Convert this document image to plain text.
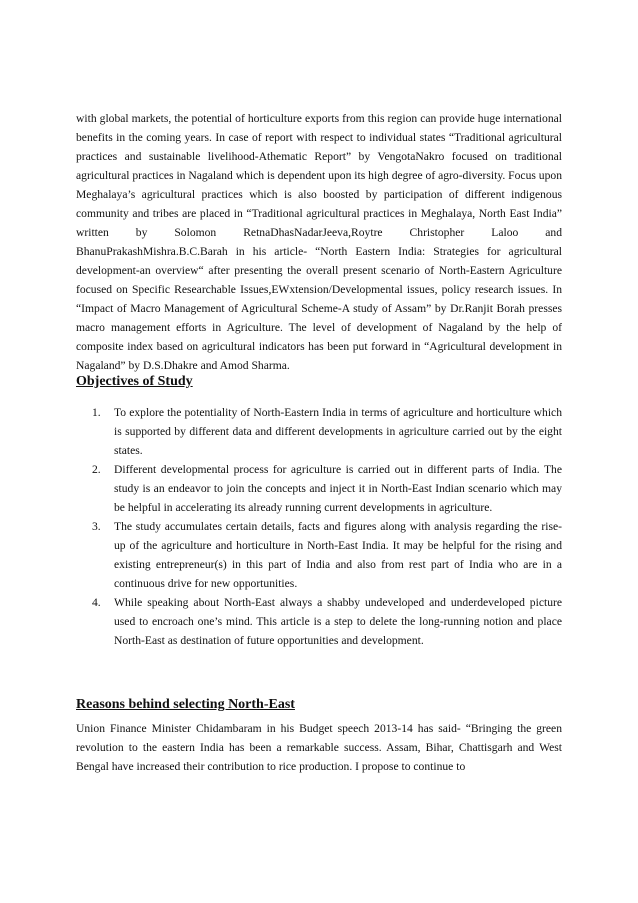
with global markets, the potential of horticulture exports from this region can provide huge international benefits in the coming years. In case of report with respect to individual states “Traditional agricultural practices and sustainable livelihood-Athematic Report” by VengotaNakro focused on traditional agricultural practices in Nagaland which is dependent upon its high degree of agro-diversity. Focus upon Meghalaya’s agricultural practices which is also boosted by participation of different indigenous community and tribes are placed in “Traditional agricultural practices in Meghalaya, North East India” written by Solomon RetnaDhasNadarJeeva,Roytre Christopher Laloo and BhanuPrakashMishra.B.C.Barah in his article- “North Eastern India: Strategies for agricultural development-an overview“ after presenting the overall present scenario of North-Eastern Agriculture focused on Specific Researchable Issues,EWxtension/Developmental issues, policy research issues. In “Impact of Macro Management of Agricultural Scheme-A study of Assam” by Dr.Ranjit Borah presses macro management efforts in Agriculture. The level of development of Nagaland by the help of composite index based on agricultural indicators has been put forward in “Agricultural development in Nagaland” by D.S.Dhakre and Amod Sharma.

Objectives of Study
1. To explore the potentiality of North-Eastern India in terms of agriculture and horticulture which is supported by different data and different developments in agriculture carried out by the eight states.
2. Different developmental process for agriculture is carried out in different parts of India. The study is an endeavor to join the concepts and inject it in North-East Indian scenario which may be helpful in accelerating its already running current developments in agriculture.
3. The study accumulates certain details, facts and figures along with analysis regarding the rise-up of the agriculture and horticulture in North-East India. It may be helpful for the rising and existing entrepreneur(s) in this part of India and also from rest part of India who are in a continuous drive for new opportunities.
4. While speaking about North-East always a shabby undeveloped and underdeveloped picture used to encroach one’s mind. This article is a step to delete the long-running notion and place North-East as destination of future opportunities and development.
Reasons behind selecting North-East

Union Finance Minister Chidambaram in his Budget speech 2013-14 has said- “Bringing the green revolution to the eastern India has been a remarkable success. Assam, Bihar, Chattisgarh and West Bengal have increased their contribution to rice production. I propose to continue to
